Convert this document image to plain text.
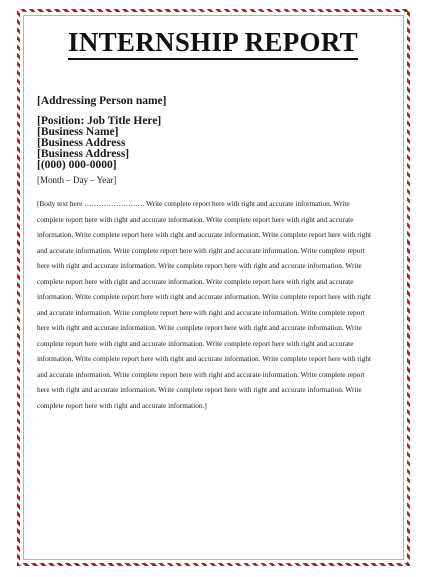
INTERNSHIP REPORT
[Addressing Person name]
[Position: Job Title Here]
[Business Name]
[Business Address
[Business Address]
[(000) 000-0000]
[Month – Day – Year]

[Body text here ……………………. Write complete report here with right and accurate information. Write complete report here with right and accurate information. Write complete report here with right and accurate information. Write complete report here with right and accurate information. Write complete report here with right and accurate information. Write complete report here with right and accurate information. Write complete report here with right and accurate information. Write complete report here with right and accurate information. Write complete report here with right and accurate information. Write complete report here with right and accurate information. Write complete report here with right and accurate information. Write complete report here with right and accurate information. Write complete report here with right and accurate information. Write complete report here with right and accurate information. Write complete report here with right and accurate information. Write complete report here with right and accurate information. Write complete report here with right and accurate information. Write complete report here with right and accurate information. Write complete report here with right and accurate information. Write complete report here with right and accurate information. Write complete report here with right and accurate information. Write complete report here with right and accurate information. Write complete report here with right and accurate information.]
